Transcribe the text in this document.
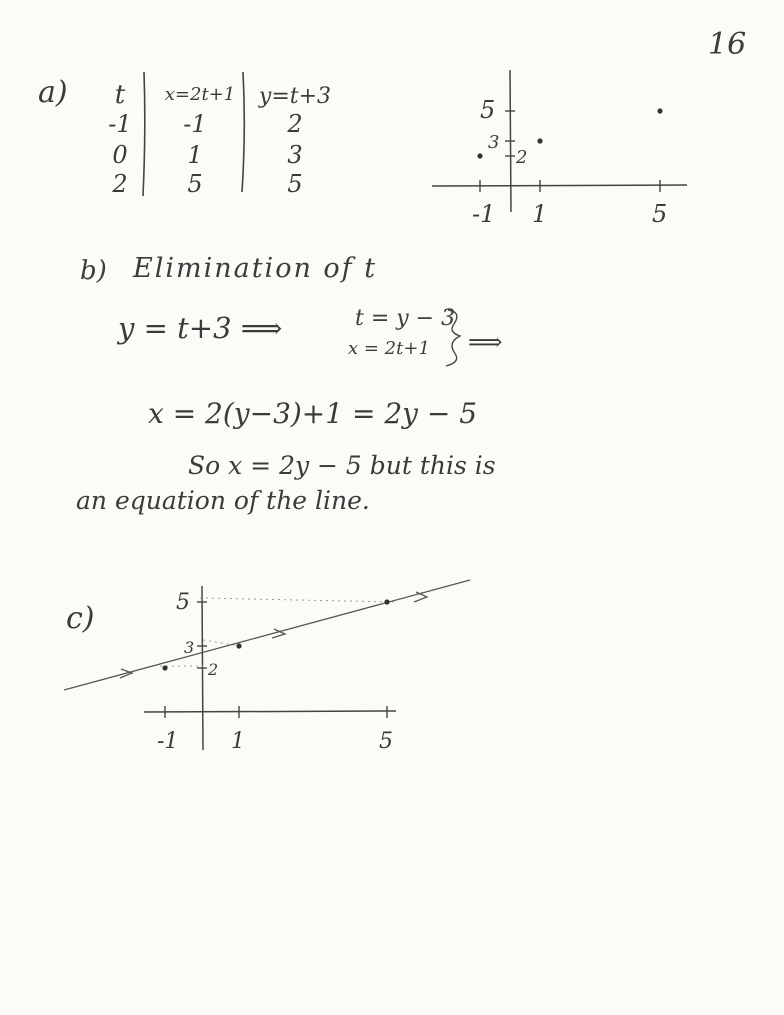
16
a)	t	x=2t+1 y=t+3
-1	-1	2
0	1	3
2	5	5
-1 1	5
5
3
2
b) Elimination of t
y = t+3 ⟹	t = y − 3
x = 2t+1 ⟹
x = 2(y−3)+1 = 2y − 5
So x = 2y − 5 but this is
an equation of the line.
c)
-1 1	5
5
3
2
